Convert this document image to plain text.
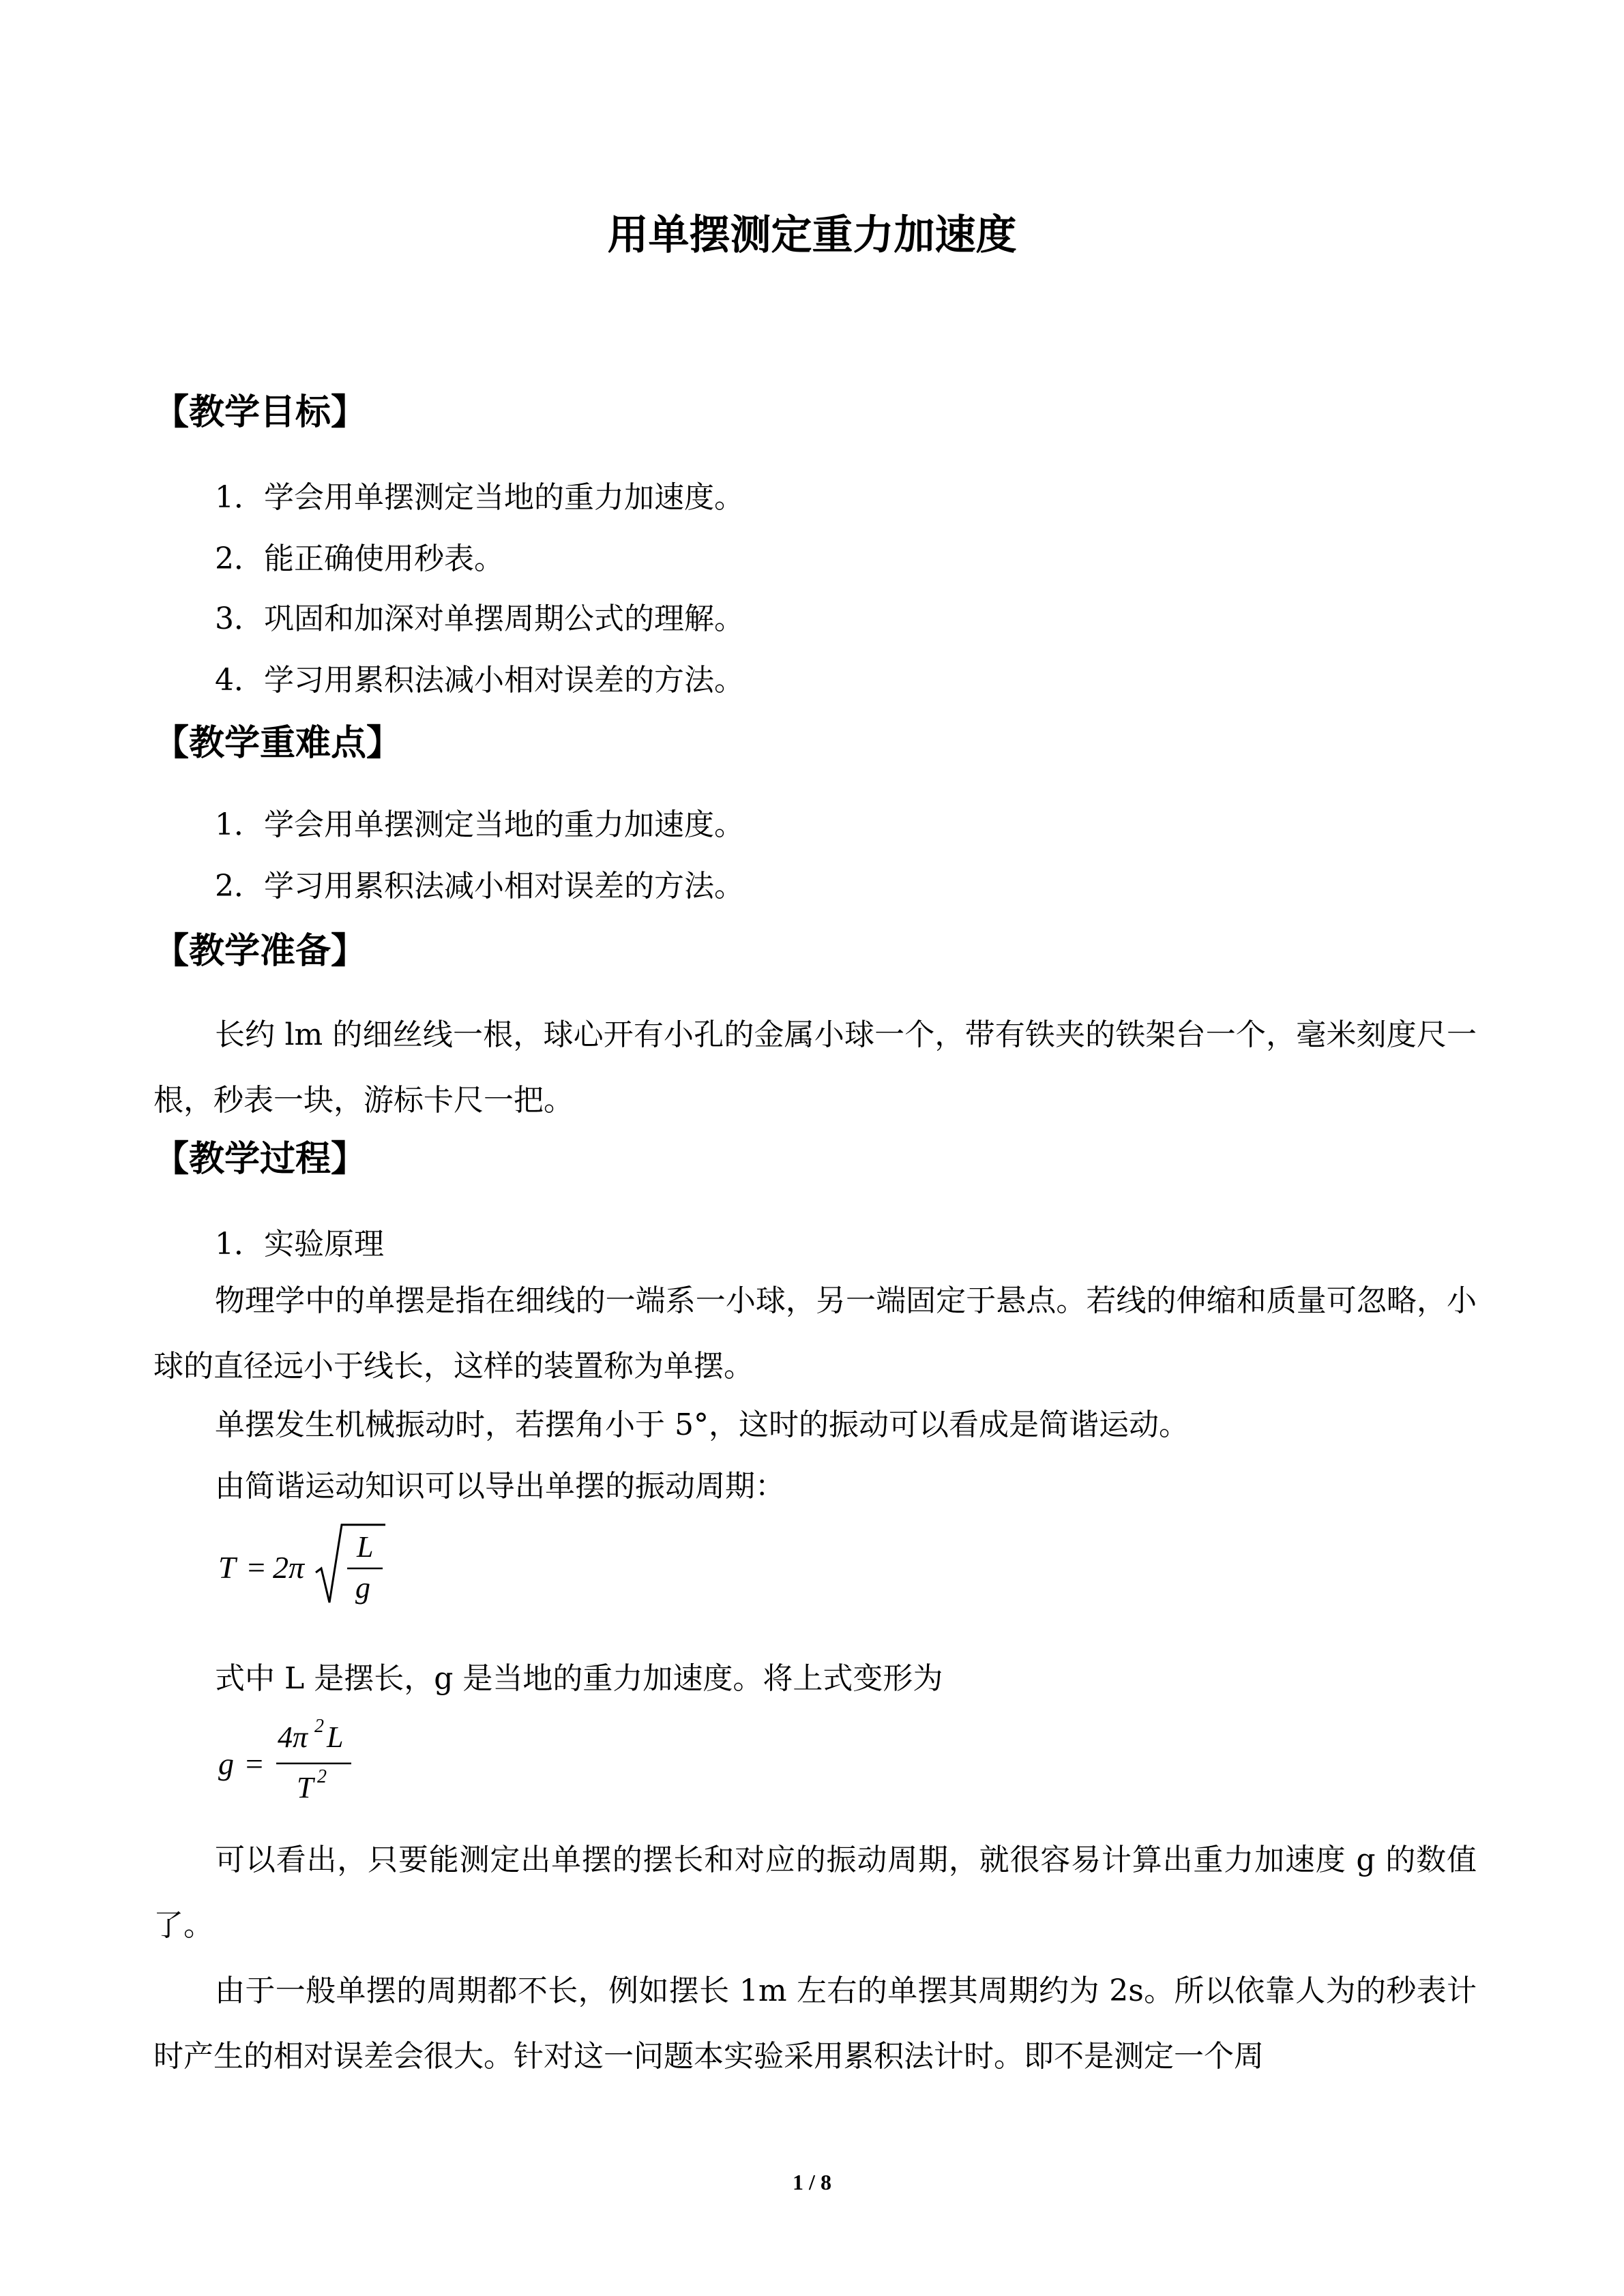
用单摆测定重力加速度
【教学目标】

1．学会用单摆测定当地的重力加速度。

2．能正确使用秒表。

3．巩固和加深对单摆周期公式的理解。

4．学习用累积法减小相对误差的方法。

【教学重难点】

1．学会用单摆测定当地的重力加速度。

2．学习用累积法减小相对误差的方法。

【教学准备】

长约 lm 的细丝线一根，球心开有小孔的金属小球一个，带有铁夹的铁架台一个，毫米刻度尺一根，秒表一块，游标卡尺一把。

【教学过程】

1．实验原理

物理学中的单摆是指在细线的一端系一小球，另一端固定于悬点。若线的伸缩和质量可忽略，小球的直径远小于线长，这样的装置称为单摆。

单摆发生机械振动时，若摆角小于 5°，这时的振动可以看成是简谐运动。

由简谐运动知识可以导出单摆的振动周期：

T = 2π
L
g

式中 L 是摆长，g 是当地的重力加速度。将上式变形为

g =
4π 2 L
T 2

可以看出，只要能测定出单摆的摆长和对应的振动周期，就很容易计算出重力加速度 g 的数值了。

由于一般单摆的周期都不长，例如摆长 1m 左右的单摆其周期约为 2s。所以依靠人为的秒表计时产生的相对误差会很大。针对这一问题本实验采用累积法计时。即不是测定一个周

1 / 8
